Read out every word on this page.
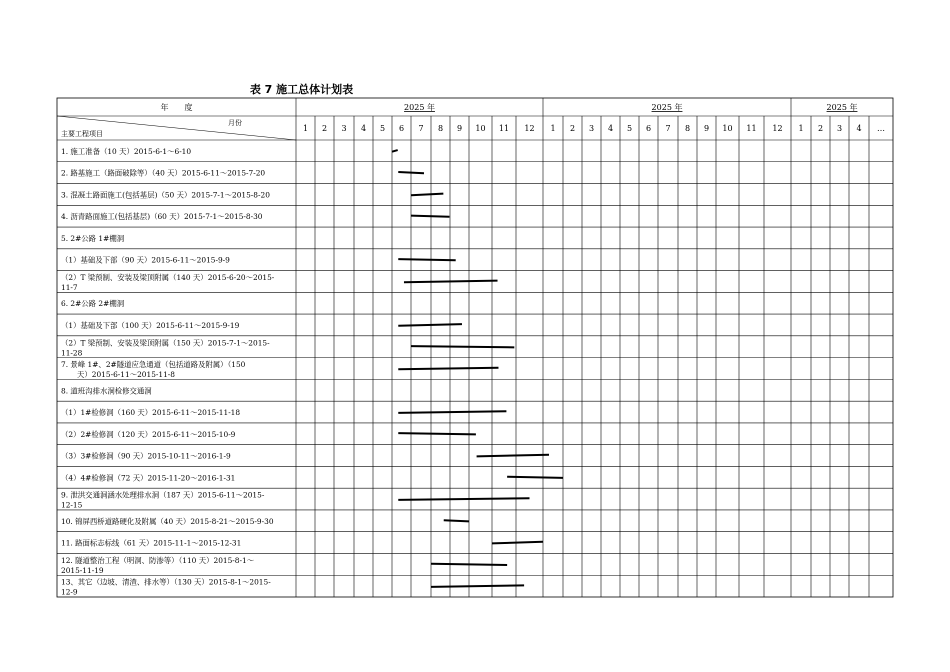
表 7 施工总体计划表
年　　度
月份
主要工程项目
2025 年	2025 年	2025 年
1 2 3 4 5 6 7 8 9 10 11 12 1 2 3 4 5 6 7 8 9 10 11 12 1 2 3 4 …
1. 施工准备（10 天）2015-6-1～6-10
2. 路基施工（路面破除等）（40 天）2015-6-11～2015-7-20
3. 混凝土路面施工(包括基层)（50 天）2015-7-1～2015-8-20
4. 沥青路面施工(包括基层)（60 天）2015-7-1～2015-8-30
5. 2#公路 1#棚洞
（1）基础及下部（90 天）2015-6-11～2015-9-9
（2）T 梁预制、安装及梁顶附属（140 天）2015-6-20～2015-
11-7
6. 2#公路 2#棚洞
（1）基础及下部（100 天）2015-6-11～2015-9-19
（2）T 梁预制、安装及梁顶附属（150 天）2015-7-1～2015-
11-28
7. 景峰 1#、2#隧道应急通道（包括道路及附属）（150
天）2015-6-11～2015-11-8
8. 道班沟排水洞检修交通洞
（1）1#检修洞（160 天）2015-6-11～2015-11-18
（2）2#检修洞（120 天）2015-6-11～2015-10-9
（3）3#检修洞（90 天）2015-10-11～2016-1-9
（4）4#检修洞（72 天）2015-11-20～2016-1-31
9. 泄洪交通洞涵水处理排水洞（187 天）2015-6-11～2015-
12-15
10. 锦屏西桥道路硬化及附属（40 天）2015-8-21～2015-9-30
11. 路面标志标线（61 天）2015-11-1～2015-12-31
12. 隧道整治工程（明洞、防渗等）（110 天）2015-8-1～
2015-11-19
13、其它（边坡、清渣、排水等）（130 天）2015-8-1～2015-
12-9
